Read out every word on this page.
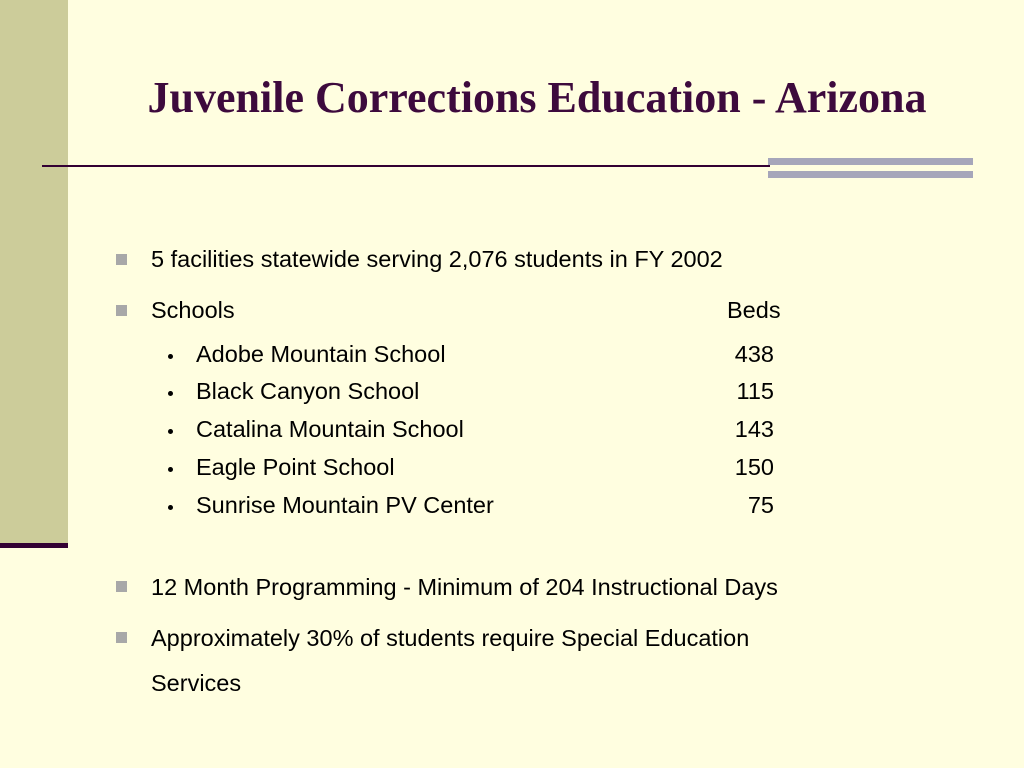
Juvenile Corrections Education - Arizona
5 facilities statewide serving 2,076 students in FY 2002
Schools	Beds
Adobe Mountain School	438
Black Canyon School	115
Catalina Mountain School	143
Eagle Point School	150
Sunrise Mountain PV Center	75
12 Month Programming - Minimum of 204 Instructional Days
Approximately 30% of students require Special Education
Services
